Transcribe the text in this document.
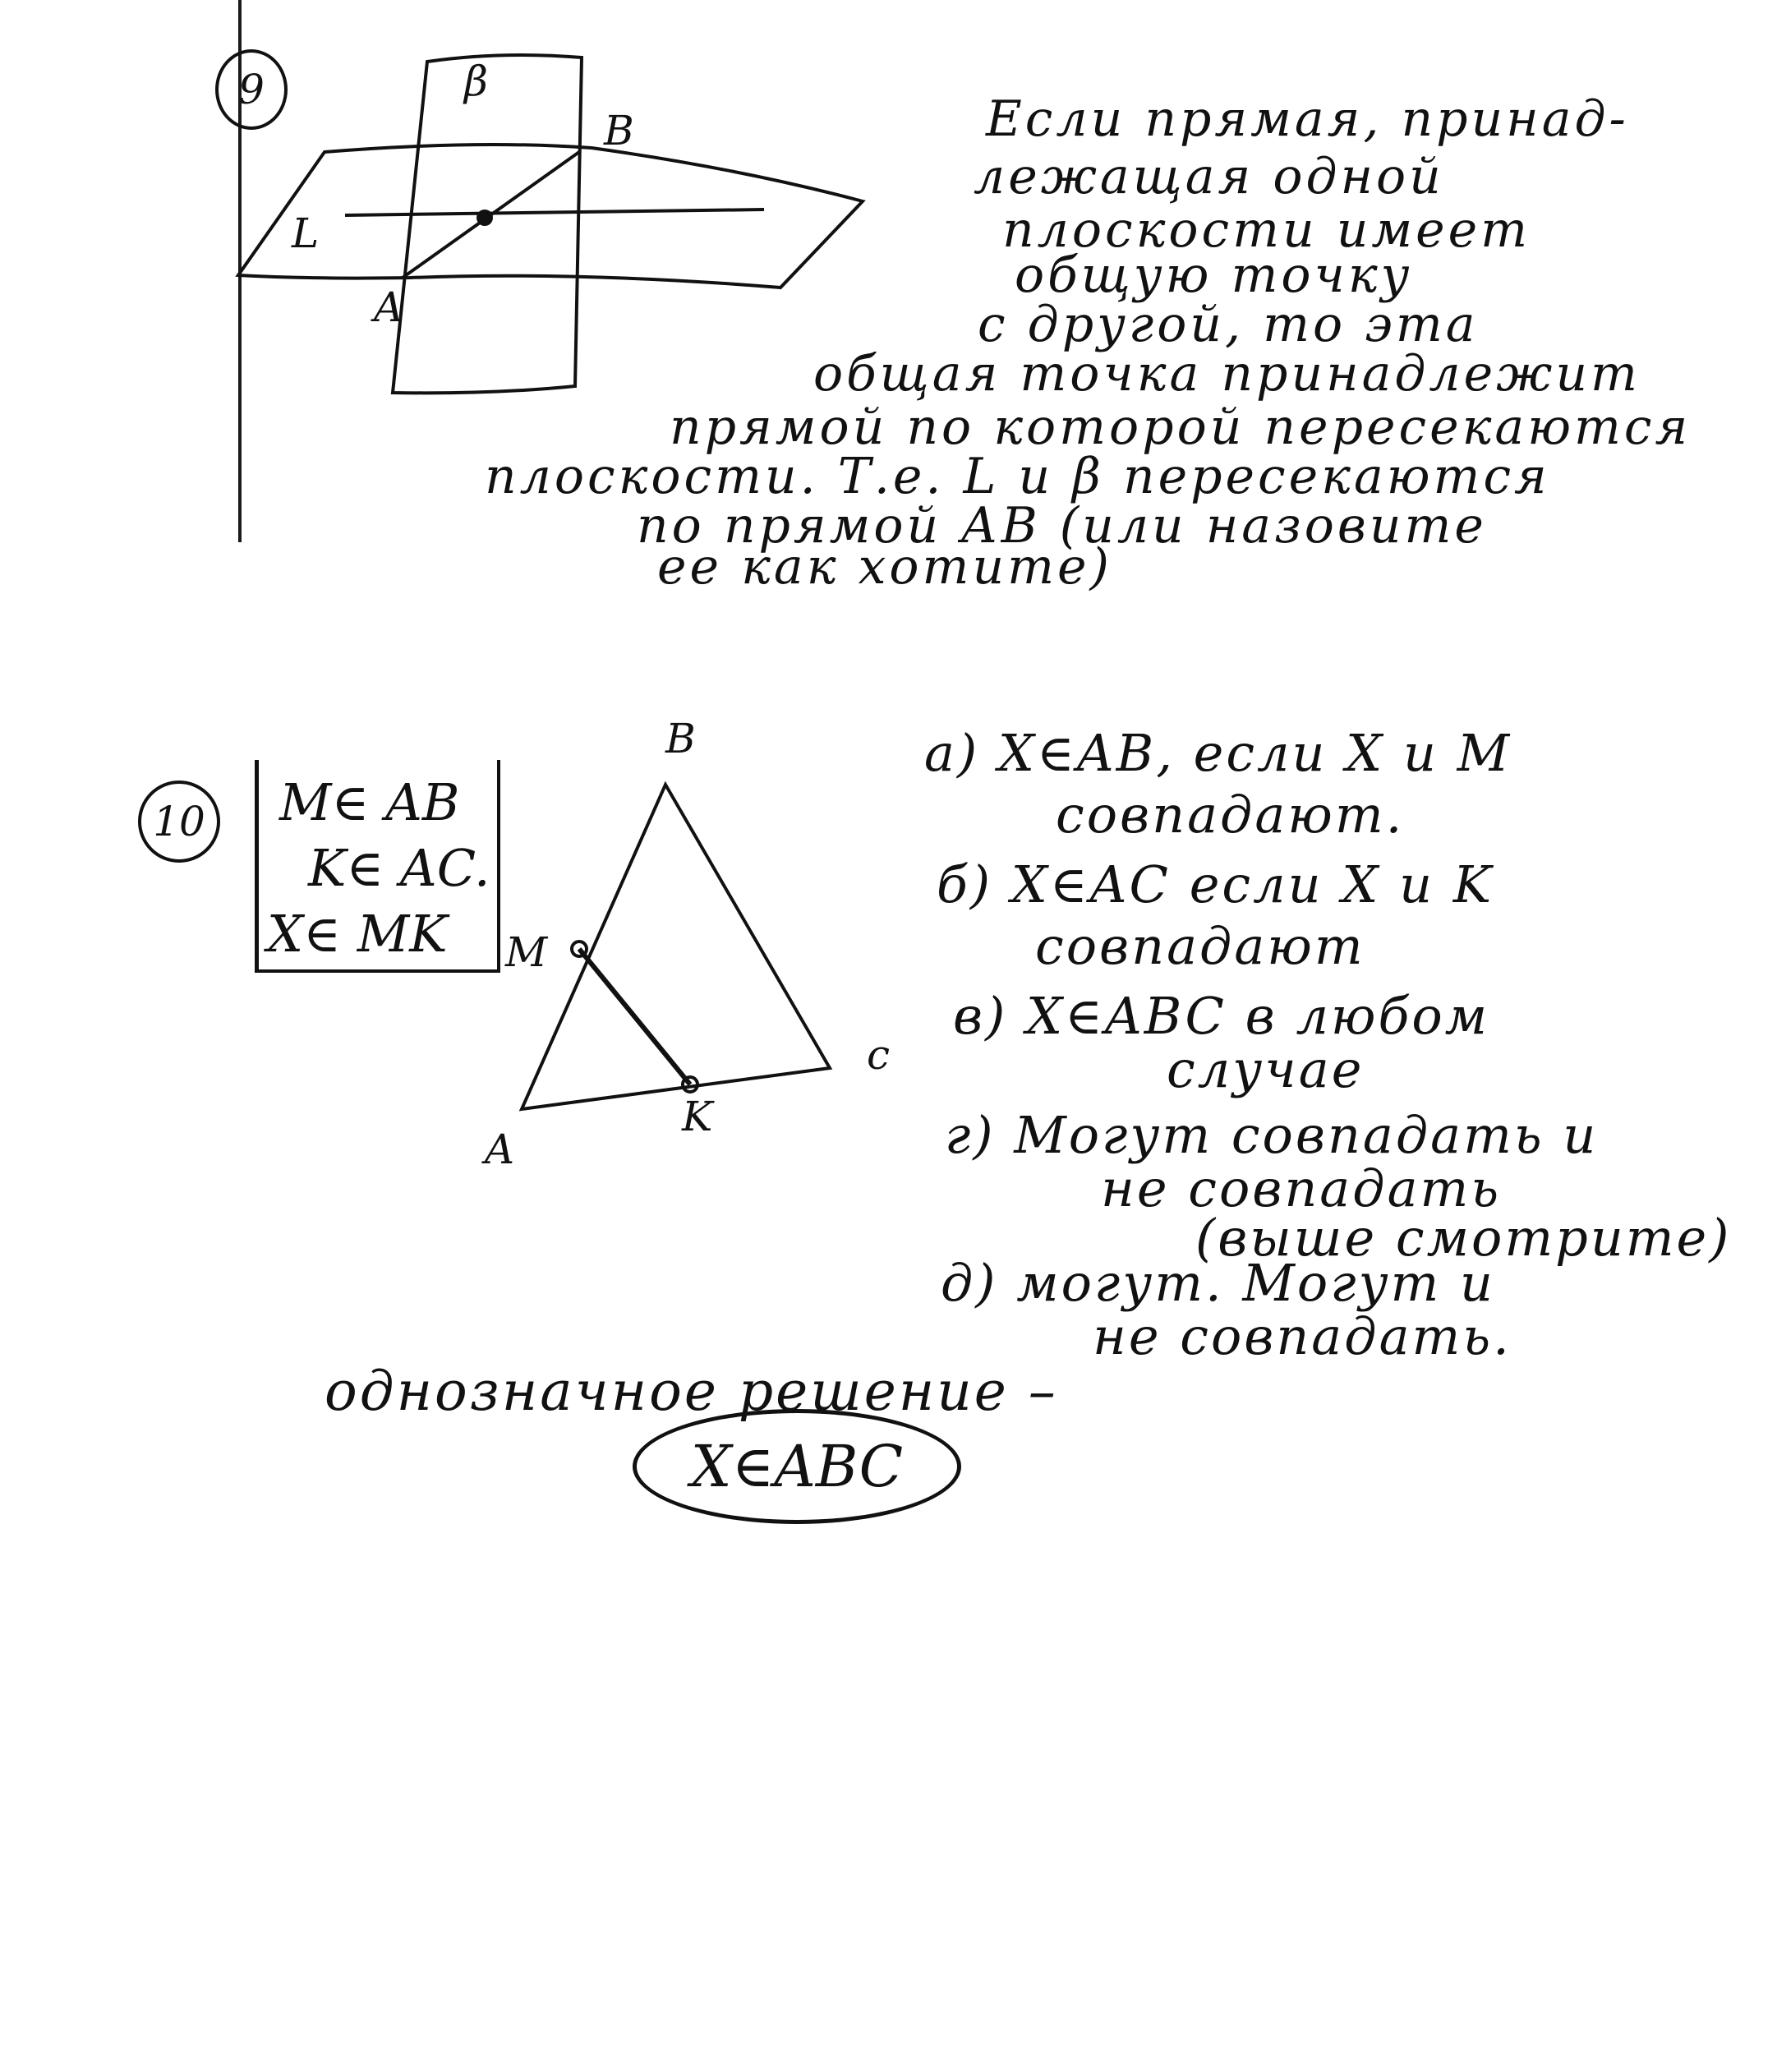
9	β
L
B
A
Если прямая, принад-
лежащая одной
плоскости имеет
общую точку
с другой, то эта
общая точка принадлежит
прямой по которой пересекаются
плоскости. Т.е. L и β пересекаются
по прямой АВ (или назовите
ее как хотите)
10 M∈ AB
K∈ AC.
X∈ MK
B
M
c
K
A
а) X∈AB, если X и M
совпадают.
б) X∈AC если X и K
совпадают
в) X∈ABC в любом
случае
г) Могут совпадать и
не совпадать
(выше смотрите)
д) могут. Могут и
не совпадать.
однозначное решение –
X∈ABC
